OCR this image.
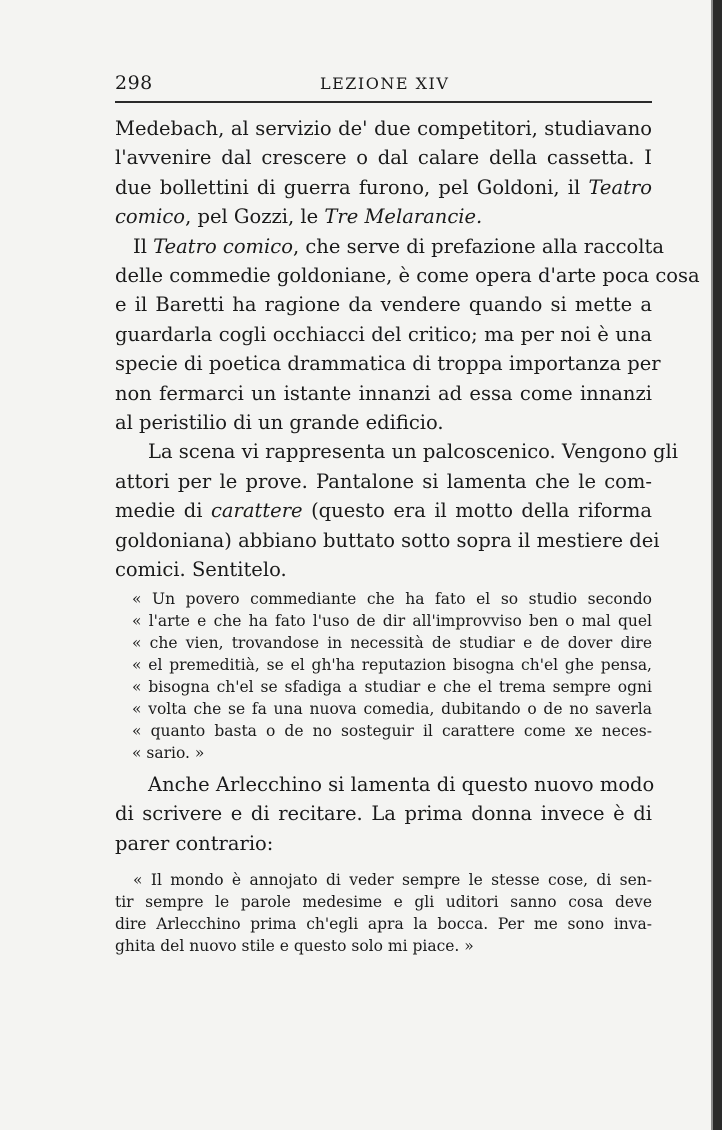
298	LEZIONE XIV

Medebach, al servizio de' due competitori, studiavano
l'avvenire dal crescere o dal calare della cassetta. I
due bollettini di guerra furono, pel Goldoni, il Teatro
comico, pel Gozzi, le Tre Melarancie.

Il Teatro comico, che serve di prefazione alla raccolta
delle commedie goldoniane, è come opera d'arte poca cosa
e il Baretti ha ragione da vendere quando si mette a
guardarla cogli occhiacci del critico; ma per noi è una
specie di poetica drammatica di troppa importanza per
non fermarci un istante innanzi ad essa come innanzi
al peristilio di un grande edificio.

La scena vi rappresenta un palcoscenico. Vengono gli
attori per le prove. Pantalone si lamenta che le com-
medie di carattere (questo era il motto della riforma
goldoniana) abbiano buttato sotto sopra il mestiere dei
comici. Sentitelo.

« Un povero commediante che ha fato el so studio secondo
« l'arte e che ha fato l'uso de dir all'improvviso ben o mal quel
« che vien, trovandose in necessità de studiar e de dover dire
« el premeditià, se el gh'ha reputazion bisogna ch'el ghe pensa,
« bisogna ch'el se sfadiga a studiar e che el trema sempre ogni
« volta che se fa una nuova comedia, dubitando o de no saverla
« quanto basta o de no sosteguir il carattere come xe neces-
« sario. »
Anche Arlecchino si lamenta di questo nuovo modo
di scrivere e di recitare. La prima donna invece è di
parer contrario:
« Il mondo è annojato di veder sempre le stesse cose, di sen-
tir sempre le parole medesime e gli uditori sanno cosa deve
dire Arlecchino prima ch'egli apra la bocca. Per me sono inva-
ghita del nuovo stile e questo solo mi piace. »
